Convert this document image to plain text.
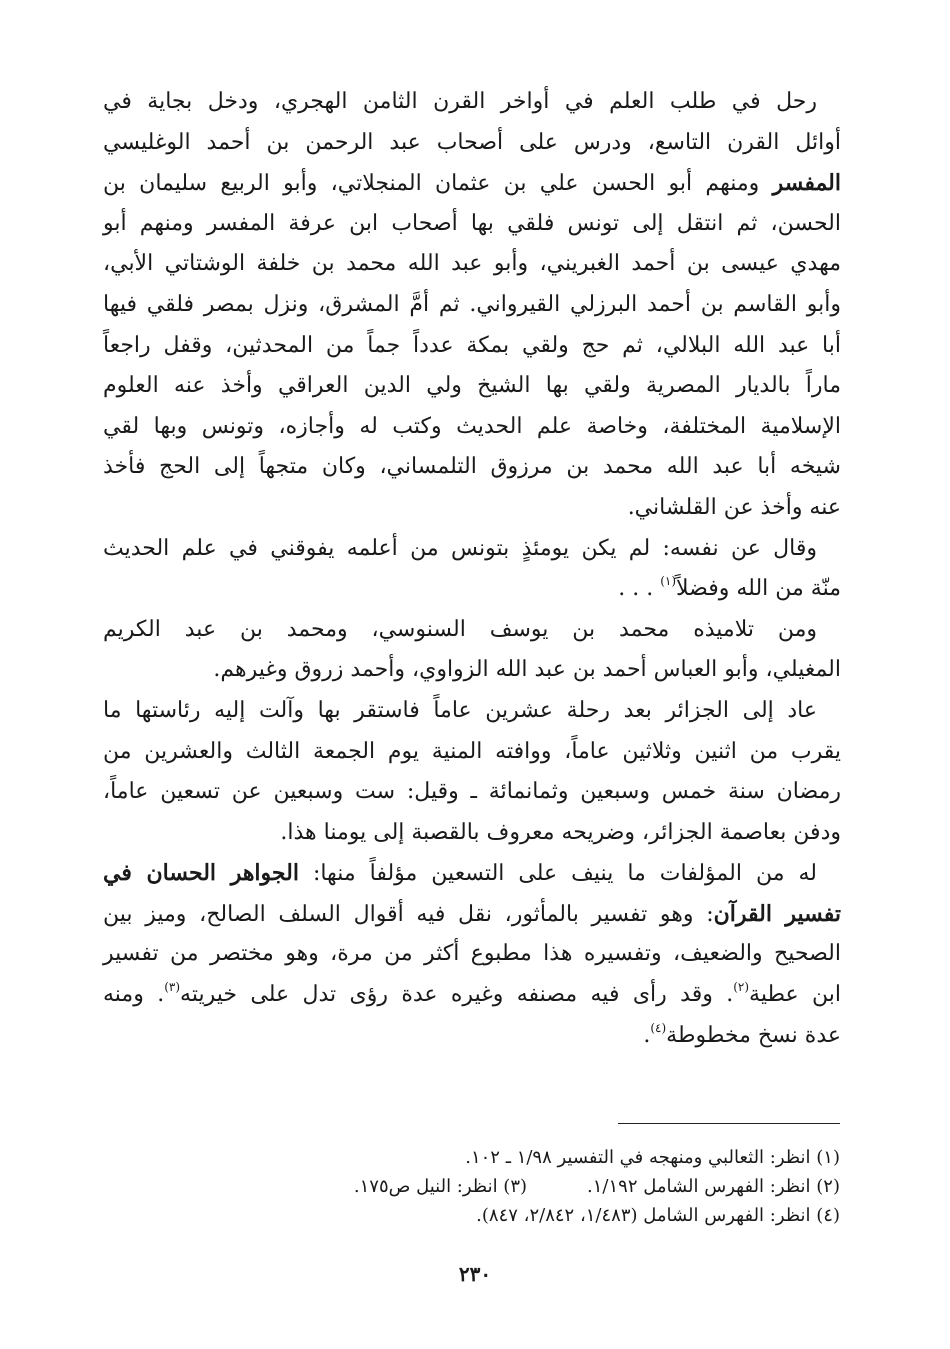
رحل في طلب العلم في أواخر القرن الثامن الهجري، ودخل بجاية في
أوائل القرن التاسع، ودرس على أصحاب عبد الرحمن بن أحمد الوغليسي
المفسر ومنهم أبو الحسن علي بن عثمان المنجلاتي، وأبو الربيع سليمان بن
الحسن، ثم انتقل إلى تونس فلقي بها أصحاب ابن عرفة المفسر ومنهم أبو
مهدي عيسى بن أحمد الغبريني، وأبو عبد الله محمد بن خلفة الوشتاتي الأبي،
وأبو القاسم بن أحمد البرزلي القيرواني. ثم أمَّ المشرق، ونزل بمصر فلقي فيها
أبا عبد الله البلالي، ثم حج ولقي بمكة عدداً جماً من المحدثين، وقفل راجعاً
ماراً بالديار المصرية ولقي بها الشيخ ولي الدين العراقي وأخذ عنه العلوم
الإسلامية المختلفة، وخاصة علم الحديث وكتب له وأجازه، وتونس وبها لقي
شيخه أبا عبد الله محمد بن مرزوق التلمساني، وكان متجهاً إلى الحج فأخذ
عنه وأخذ عن القلشاني.
وقال عن نفسه: لم يكن يومئذٍ بتونس من أعلمه يفوقني في علم الحديث
منّة من الله وفضلاً$^{(١)}$ . . .
ومن تلاميذه محمد بن يوسف السنوسي، ومحمد بن عبد الكريم
المغيلي، وأبو العباس أحمد بن عبد الله الزواوي، وأحمد زروق وغيرهم.
عاد إلى الجزائر بعد رحلة عشرين عاماً فاستقر بها وآلت إليه رئاستها ما
يقرب من اثنين وثلاثين عاماً، ووافته المنية يوم الجمعة الثالث والعشرين من
رمضان سنة خمس وسبعين وثمانمائة ـ وقيل: ست وسبعين عن تسعين عاماً،
ودفن بعاصمة الجزائر، وضريحه معروف بالقصبة إلى يومنا هذا.
له من المؤلفات ما ينيف على التسعين مؤلفاً منها: الجواهر الحسان في
تفسير القرآن: وهو تفسير بالمأثور، نقل فيه أقوال السلف الصالح، وميز بين
الصحيح والضعيف، وتفسيره هذا مطبوع أكثر من مرة، وهو مختصر من تفسير
ابن عطية$^{(٢)}$. وقد رأى فيه مصنفه وغيره عدة رؤى تدل على خيريته$^{(٣)}$. ومنه
عدة نسخ مخطوطة$^{(٤)}$.
(١) انظر: الثعالبي ومنهجه في التفسير ١/٩٨ ـ ١٠٢.
(٢) انظر: الفهرس الشامل ١/١٩٢.(٣) انظر: النيل ص١٧٥.
(٤) انظر: الفهرس الشامل (١/٤٨٣، ٢/٨٤٢، ٨٤٧).
٢٣٠
